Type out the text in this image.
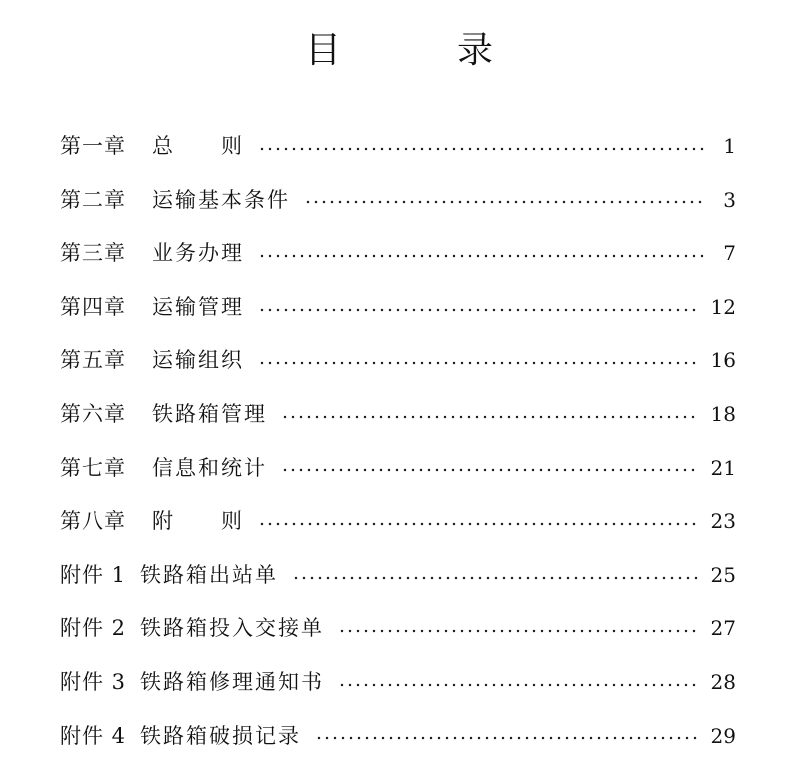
目　　　录
第一章 总　　则	1
第二章 运输基本条件	3
第三章 业务办理	7
第四章 运输管理	12
第五章 运输组织	16
第六章 铁路箱管理	18
第七章 信息和统计	21
第八章 附　　则	23
附件 1 铁路箱出站单	25
附件 2 铁路箱投入交接单	27
附件 3 铁路箱修理通知书	28
附件 4 铁路箱破损记录	29
